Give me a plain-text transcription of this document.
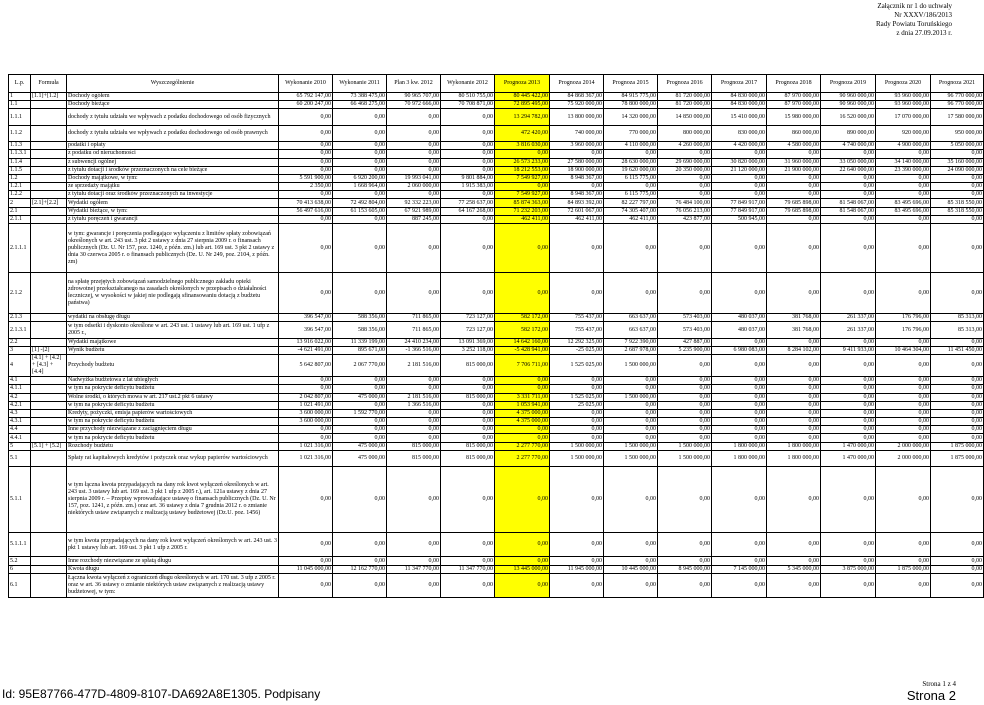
Załącznik nr 1 do uchwały
Nr XXXV/186/2013
Rady Powiatu Toruńskiego
z dnia 27.09.2013 r.
L.p.	Formuła	Wyszczególnienie	Wykonanie 2010	Wykonanie 2011	Plan 3 kw. 2012	Wykonanie 2012	Prognoza 2013	Prognoza 2014	Prognoza 2015	Prognoza 2016	Prognoza 2017	Prognoza 2018	Prognoza 2019	Prognoza 2020	Prognoza 2021
1	[1.1]+[1.2]	Dochody ogółem	65 792 147,00	73 388 475,00	90 965 707,00	80 510 755,00	80 445 422,00	84 868 367,00	84 915 775,00	81 720 000,00	84 830 000,00	87 970 000,00	90 960 000,00	93 960 000,00	96 770 000,00
1.1		Dochody bieżące	60 200 247,00	66 468 275,00	70 972 666,00	70 708 871,00	72 895 495,00	75 920 000,00	78 800 000,00	81 720 000,00	84 830 000,00	87 970 000,00	90 960 000,00	93 960 000,00	96 770 000,00
1.1.1		dochody z tytułu udziału we wpływach z podatku dochodowego od osób fizycznych	0,00	0,00	0,00	0,00	13 294 782,00	13 800 000,00	14 320 000,00	14 850 000,00	15 410 000,00	15 980 000,00	16 520 000,00	17 070 000,00	17 580 000,00
1.1.2		dochody z tytułu udziału we wpływach z podatku dochodowego od osób prawnych	0,00	0,00	0,00	0,00	472 420,00	740 000,00	770 000,00	800 000,00	830 000,00	860 000,00	890 000,00	920 000,00	950 000,00
1.1.3		podatki i opłaty	0,00	0,00	0,00	0,00	3 816 030,00	3 960 000,00	4 110 000,00	4 260 000,00	4 420 000,00	4 580 000,00	4 740 000,00	4 900 000,00	5 050 000,00
1.1.3.1		z podatku od nieruchomości	0,00	0,00	0,00	0,00	0,00	0,00	0,00	0,00	0,00	0,00	0,00	0,00	0,00
1.1.4		z subwencji ogólnej	0,00	0,00	0,00	0,00	26 573 233,00	27 580 000,00	28 630 000,00	29 690 000,00	30 820 000,00	31 960 000,00	33 050 000,00	34 140 000,00	35 160 000,00
1.1.5		z tytułu dotacji i środków przeznaczonych na cele bieżące	0,00	0,00	0,00	0,00	18 212 553,00	18 900 000,00	19 620 000,00	20 350 000,00	21 120 000,00	21 900 000,00	22 640 000,00	23 390 000,00	24 090 000,00
1.2		Dochody majątkowe, w tym:	5 591 900,00	6 920 200,00	19 993 041,00	9 801 884,00	7 549 927,00	8 948 367,00	6 115 775,00	0,00	0,00	0,00	0,00	0,00	0,00
1.2.1		ze sprzedaży majątku	2 350,00	1 668 964,00	2 060 000,00	1 915 383,00	0,00	0,00	0,00	0,00	0,00	0,00	0,00	0,00	0,00
1.2.2		z tytułu dotacji oraz środków przeznaczonych na inwestycje	0,00	0,00	0,00	0,00	7 549 927,00	8 948 367,00	6 115 775,00	0,00	0,00	0,00	0,00	0,00	0,00
2	[2.1]+[2.2]	Wydatki ogółem	70 413 638,00	72 492 804,00	92 332 223,00	77 258 637,00	85 874 363,00	84 893 392,00	82 227 797,00	76 484 100,00	77 849 917,00	79 685 898,00	81 548 067,00	83 495 696,00	85 318 550,00
2.1		Wydatki bieżące, w tym:	56 497 616,00	61 153 605,00	67 921 989,00	64 167 268,00	71 232 203,00	72 601 067,00	74 305 407,00	76 056 213,00	77 849 917,00	79 685 898,00	81 548 067,00	83 495 696,00	85 318 550,00
2.1.1		z tytułu poręczeń i gwarancji	0,00	0,00	887 245,00	0,00	462 411,00	462 411,00	462 411,00	423 877,00	500 945,00	0,00	0,00	0,00	0,00
2.1.1.1		w tym: gwarancje i poręczenia podlegające wyłączeniu z limitów spłaty zobowiązań określonych w art. 243 ust. 3 pkt 2 ustawy z dnia 27 sierpnia 2009 r. o finansach publicznych (Dz. U. Nr 157, poz. 1240, z późn. zm.) lub art. 169 ust. 3 pkt 2 ustawy z dnia 30 czerwca 2005 r. o finansach publicznych (Dz. U. Nr 249, poz. 2104, z późn. zm)	0,00	0,00	0,00	0,00	0,00	0,00	0,00	0,00	0,00	0,00	0,00	0,00	0,00
2.1.2		na spłatę przejętych zobowiązań samodzielnego publicznego zakładu opieki zdrowotnej przekształcanego na zasadach określonych w przepisach o działalności leczniczej, w wysokości w jakiej nie podlegają sfinansowaniu dotacją z budżetu państwa)	0,00	0,00	0,00	0,00	0,00	0,00	0,00	0,00	0,00	0,00	0,00	0,00	0,00
2.1.3		wydatki na obsługę długu	396 547,00	588 356,00	711 865,00	723 127,00	582 172,00	755 437,00	663 637,00	573 403,00	480 037,00	381 768,00	261 337,00	176 796,00	85 313,00
2.1.3.1		w tym odsetki i dyskonto określone w art. 243 ust. 1 ustawy lub art. 169 ust. 1 ufp z 2005 r.,	396 547,00	588 356,00	711 865,00	723 127,00	582 172,00	755 437,00	663 637,00	573 403,00	480 037,00	381 768,00	261 337,00	176 796,00	85 313,00
2.2		Wydatki majątkowe	13 916 022,00	11 339 199,00	24 410 234,00	13 091 369,00	14 642 160,00	12 292 325,00	7 922 390,00	427 887,00	0,00	0,00	0,00	0,00	0,00
3	[1] -[2]	Wynik budżetu	-4 621 491,00	895 671,00	-1 366 516,00	3 252 118,00	-5 428 941,00	-25 025,00	2 687 978,00	5 235 900,00	6 980 083,00	8 284 102,00	9 411 933,00	10 464 304,00	11 451 450,00
4	[4.1] + [4.2] + [4.3] + [4.4]	Przychody budżetu	5 642 807,00	2 067 770,00	2 181 516,00	815 000,00	7 706 711,00	1 525 025,00	1 500 000,00	0,00	0,00	0,00	0,00	0,00	0,00
4.1		Nadwyżka budżetowa z lat ubiegłych	0,00	0,00	0,00	0,00	0,00	0,00	0,00	0,00	0,00	0,00	0,00	0,00	0,00
4.1.1		w tym na pokrycie deficytu budżetu	0,00	0,00	0,00	0,00	0,00	0,00	0,00	0,00	0,00	0,00	0,00	0,00	0,00
4.2		Wolne środki, o których mowa w art. 217 ust.2 pkt 6 ustawy	2 042 807,00	475 000,00	2 181 516,00	815 000,00	3 331 711,00	1 525 025,00	1 500 000,00	0,00	0,00	0,00	0,00	0,00	0,00
4.2.1		w tym na pokrycie deficytu budżetu	1 021 491,00	0,00	1 366 516,00	0,00	1 053 941,00	25 025,00	0,00	0,00	0,00	0,00	0,00	0,00	0,00
4.3		Kredyty, pożyczki, emisja papierów wartościowych	3 600 000,00	1 592 770,00	0,00	0,00	4 375 000,00	0,00	0,00	0,00	0,00	0,00	0,00	0,00	0,00
4.3.1		w tym na pokrycie deficytu budżetu	3 600 000,00	0,00	0,00	0,00	4 375 000,00	0,00	0,00	0,00	0,00	0,00	0,00	0,00	0,00
4.4		Inne przychody niezwiązane z zaciągnięciem długu	0,00	0,00	0,00	0,00	0,00	0,00	0,00	0,00	0,00	0,00	0,00	0,00	0,00
4.4.1		w tym na pokrycie deficytu budżetu	0,00	0,00	0,00	0,00	0,00	0,00	0,00	0,00	0,00	0,00	0,00	0,00	0,00
5	[5.1] + [5.2]	Rozchody budżetu	1 021 316,00	475 000,00	815 000,00	815 000,00	2 277 770,00	1 500 000,00	1 500 000,00	1 500 000,00	1 800 000,00	1 800 000,00	1 470 000,00	2 000 000,00	1 875 000,00
5.1		Spłaty rat kapitałowych kredytów i pożyczek oraz wykup papierów wartościowych	1 021 316,00	475 000,00	815 000,00	815 000,00	2 277 770,00	1 500 000,00	1 500 000,00	1 500 000,00	1 800 000,00	1 800 000,00	1 470 000,00	2 000 000,00	1 875 000,00
5.1.1		w tym łączna kwota przypadających na dany rok kwot wyłączeń określonych w art. 243 ust. 3 ustawy lub art. 169 ust. 3 pkt 1 ufp z 2005 r.), art. 121a ustawy z dnia 27 sierpnia 2009 r. – Przepisy wprowadzające ustawę o finansach publicznych (Dz. U. Nr 157, poz. 1241, z późn. zm.) oraz art. 36 ustawy z dnia 7 grudnia 2012 r. o zmianie niektórych ustaw związanych z realizacją ustawy budżetowej (Dz.U. poz. 1456)	0,00	0,00	0,00	0,00	0,00	0,00	0,00	0,00	0,00	0,00	0,00	0,00	0,00
5.1.1.1		w tym kwota przypadających na dany rok kwot wyłączeń określonych w art. 243 ust. 3 pkt 1 ustawy lub art. 169 ust. 3 pkt 1 ufp z 2005 r.	0,00	0,00	0,00	0,00	0,00	0,00	0,00	0,00	0,00	0,00	0,00	0,00	0,00
5.2		Inne rozchody niezwiązane ze spłatą długu	0,00	0,00	0,00	0,00	0,00	0,00	0,00	0,00	0,00	0,00	0,00	0,00	0,00
6		Kwota długu	11 045 000,00	12 162 770,00	11 347 770,00	11 347 770,00	13 445 000,00	11 945 000,00	10 445 000,00	8 945 000,00	7 145 000,00	5 345 000,00	3 875 000,00	1 875 000,00	0,00
6.1		Łączna kwota wyłączeń z ograniczeń długu określonych w art. 170 ust. 3 ufp z 2005 r. oraz w art. 36 ustawy o zmianie niektórych ustaw związanych z realizacją ustawy budżetowej, w tym:	0,00	0,00	0,00	0,00	0,00	0,00	0,00	0,00	0,00	0,00	0,00	0,00	0,00
Id: 95E87766-477D-4809-8107-DA692A8E1305. Podpisany
Strona 1 z 4
Strona 2
